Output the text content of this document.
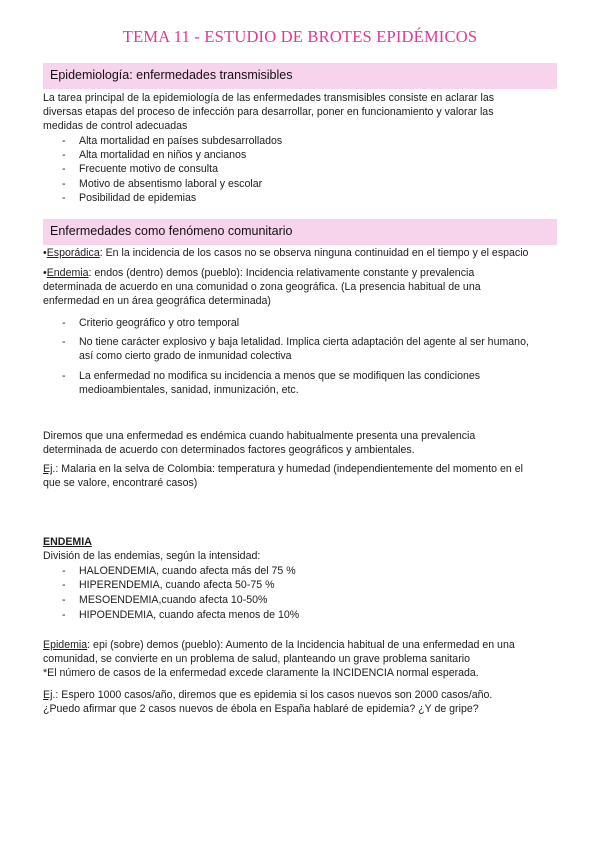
TEMA 11 - ESTUDIO DE BROTES EPIDÉMICOS
Epidemiología: enfermedades transmisibles
La tarea principal de la epidemiología de las enfermedades transmisibles consiste en aclarar las
diversas etapas del proceso de infección para desarrollar, poner en funcionamiento y valorar las
medidas de control adecuadas
- Alta mortalidad en países subdesarrollados
- Alta mortalidad en niños y ancianos
- Frecuente motivo de consulta
- Motivo de absentismo laboral y escolar
- Posibilidad de epidemias
Enfermedades como fenómeno comunitario
•Esporádica: En la incidencia de los casos no se observa ninguna continuidad en el tiempo y el espacio
•Endemia: endos (dentro) demos (pueblo): Incidencia relativamente constante y prevalencia
determinada de acuerdo en una comunidad o zona geográfica. (La presencia habitual de una
enfermedad en un área geográfica determinada)
- Criterio geográfico y otro temporal
- No tiene carácter explosivo y baja letalidad. Implica cierta adaptación del agente al ser humano,
así como cierto grado de inmunidad colectiva
- La enfermedad no modifica su incidencia a menos que se modifiquen las condiciones
medioambientales, sanidad, inmunización, etc.
Diremos que una enfermedad es endémica cuando habitualmente presenta una prevalencia
determinada de acuerdo con determinados factores geográficos y ambientales.
Ej.: Malaria en la selva de Colombia: temperatura y humedad (independientemente del momento en el
que se valore, encontraré casos)
ENDEMIA
División de las endemias, según la intensidad:
- HALOENDEMIA, cuando afecta más del 75 %
- HIPERENDEMIA, cuando afecta 50-75 %
- MESOENDEMIA,cuando afecta 10-50%
- HIPOENDEMIA, cuando afecta menos de 10%
Epidemia: epi (sobre) demos (pueblo): Aumento de la Incidencia habitual de una enfermedad en una
comunidad, se convierte en un problema de salud, planteando un grave problema sanitario
*El número de casos de la enfermedad excede claramente la INCIDENCIA normal esperada.
Ej.: Espero 1000 casos/año, diremos que es epidemia si los casos nuevos son 2000 casos/año.
¿Puedo afirmar que 2 casos nuevos de ébola en España hablaré de epidemia? ¿Y de gripe?
